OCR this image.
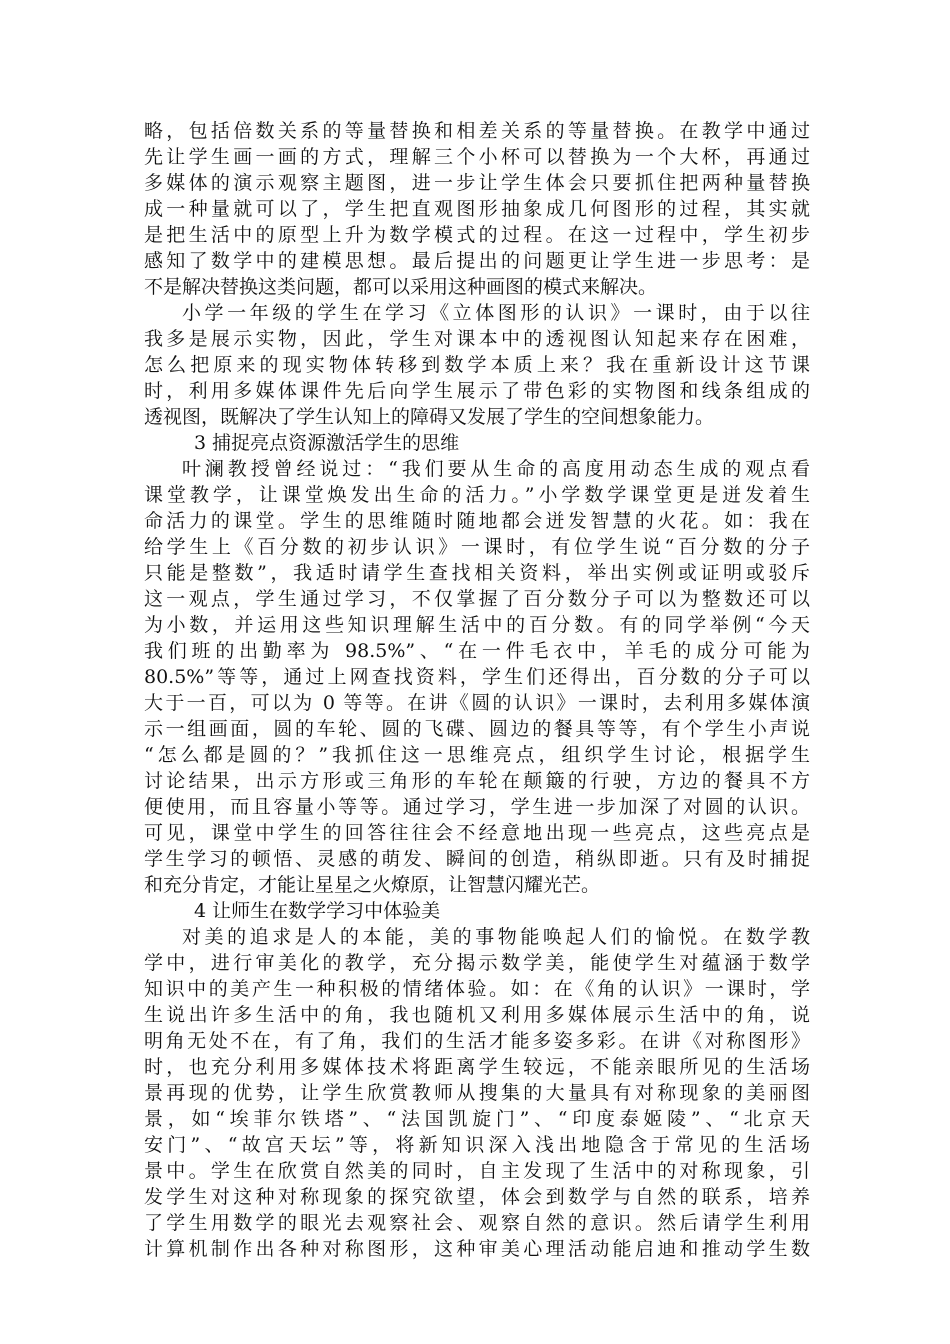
略，包括倍数关系的等量替换和相差关系的等量替换。在教学中通过
先让学生画一画的方式，理解三个小杯可以替换为一个大杯，再通过
多媒体的演示观察主题图，进一步让学生体会只要抓住把两种量替换
成一种量就可以了，学生把直观图形抽象成几何图形的过程，其实就
是把生活中的原型上升为数学模式的过程。在这一过程中，学生初步
感知了数学中的建模思想。最后提出的问题更让学生进一步思考：是
不是解决替换这类问题，都可以采用这种画图的模式来解决。
小学一年级的学生在学习《立体图形的认识》一课时，由于以往
我多是展示实物，因此，学生对课本中的透视图认知起来存在困难，
怎么把原来的现实物体转移到数学本质上来？我在重新设计这节课
时，利用多媒体课件先后向学生展示了带色彩的实物图和线条组成的
透视图，既解决了学生认知上的障碍又发展了学生的空间想象能力。
3 捕捉亮点资源激活学生的思维
叶澜教授曾经说过：“我们要从生命的高度用动态生成的观点看
课堂教学，让课堂焕发出生命的活力。”小学数学课堂更是迸发着生
命活力的课堂。学生的思维随时随地都会迸发智慧的火花。如：我在
给学生上《百分数的初步认识》一课时，有位学生说“百分数的分子
只能是整数”，我适时请学生查找相关资料，举出实例或证明或驳斥
这一观点，学生通过学习，不仅掌握了百分数分子可以为整数还可以
为小数，并运用这些知识理解生活中的百分数。有的同学举例“今天
我们班的出勤率为 98.5%”、“在一件毛衣中，羊毛的成分可能为
80.5%”等等，通过上网查找资料，学生们还得出，百分数的分子可以
大于一百，可以为 0 等等。在讲《圆的认识》一课时，去利用多媒体演
示一组画面，圆的车轮、圆的飞碟、圆边的餐具等等，有个学生小声说
“怎么都是圆的？”我抓住这一思维亮点，组织学生讨论，根据学生
讨论结果，出示方形或三角形的车轮在颠簸的行驶，方边的餐具不方
便使用，而且容量小等等。通过学习，学生进一步加深了对圆的认识。
可见，课堂中学生的回答往往会不经意地出现一些亮点，这些亮点是
学生学习的顿悟、灵感的萌发、瞬间的创造，稍纵即逝。只有及时捕捉
和充分肯定，才能让星星之火燎原，让智慧闪耀光芒。
4 让师生在数学学习中体验美
对美的追求是人的本能，美的事物能唤起人们的愉悦。在数学教
学中，进行审美化的教学，充分揭示数学美，能使学生对蕴涵于数学
知识中的美产生一种积极的情绪体验。如：在《角的认识》一课时，学
生说出许多生活中的角，我也随机又利用多媒体展示生活中的角，说
明角无处不在，有了角，我们的生活才能多姿多彩。在讲《对称图形》
时，也充分利用多媒体技术将距离学生较远，不能亲眼所见的生活场
景再现的优势，让学生欣赏教师从搜集的大量具有对称现象的美丽图
景，如“埃菲尔铁塔”、“法国凯旋门”、“印度泰姬陵”、“北京天
安门”、“故宫天坛”等，将新知识深入浅出地隐含于常见的生活场
景中。学生在欣赏自然美的同时，自主发现了生活中的对称现象，引
发学生对这种对称现象的探究欲望，体会到数学与自然的联系，培养
了学生用数学的眼光去观察社会、观察自然的意识。然后请学生利用
计算机制作出各种对称图形，这种审美心理活动能启迪和推动学生数
